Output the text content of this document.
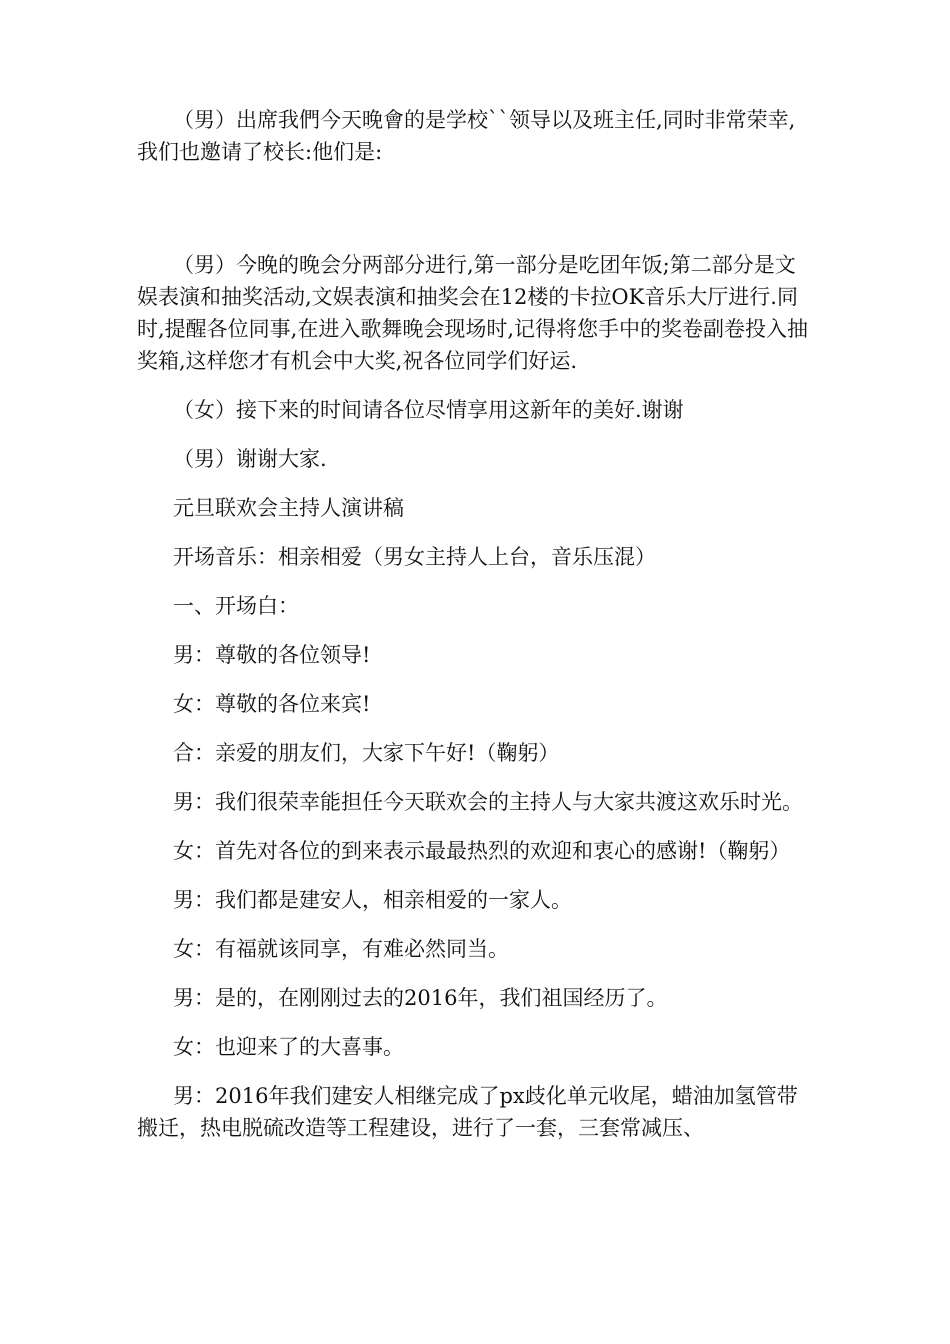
（男）出席我們今天晚會的是学校``领导以及班主任,同时非常荣幸,我们也邀请了校长:他们是:

（男）今晚的晚会分两部分进行,第一部分是吃团年饭;第二部分是文娱表演和抽奖活动,文娱表演和抽奖会在12楼的卡拉OK音乐大厅进行.同时,提醒各位同事,在进入歌舞晚会现场时,记得将您手中的奖卷副卷投入抽奖箱,这样您才有机会中大奖,祝各位同学们好运.

（女）接下来的时间请各位尽情享用这新年的美好.谢谢

（男）谢谢大家.

元旦联欢会主持人演讲稿

开场音乐：相亲相爱（男女主持人上台，音乐压混）

一、开场白：

男：尊敬的各位领导!

女：尊敬的各位来宾!

合：亲爱的朋友们，大家下午好!（鞠躬）

男：我们很荣幸能担任今天联欢会的主持人与大家共渡这欢乐时光。

女：首先对各位的到来表示最最热烈的欢迎和衷心的感谢!（鞠躬）

男：我们都是建安人，相亲相爱的一家人。

女：有福就该同享，有难必然同当。

男：是的，在刚刚过去的2016年，我们祖国经历了。

女：也迎来了的大喜事。

男：2016年我们建安人相继完成了px歧化单元收尾，蜡油加氢管带搬迁，热电脱硫改造等工程建设，进行了一套，三套常减压、
